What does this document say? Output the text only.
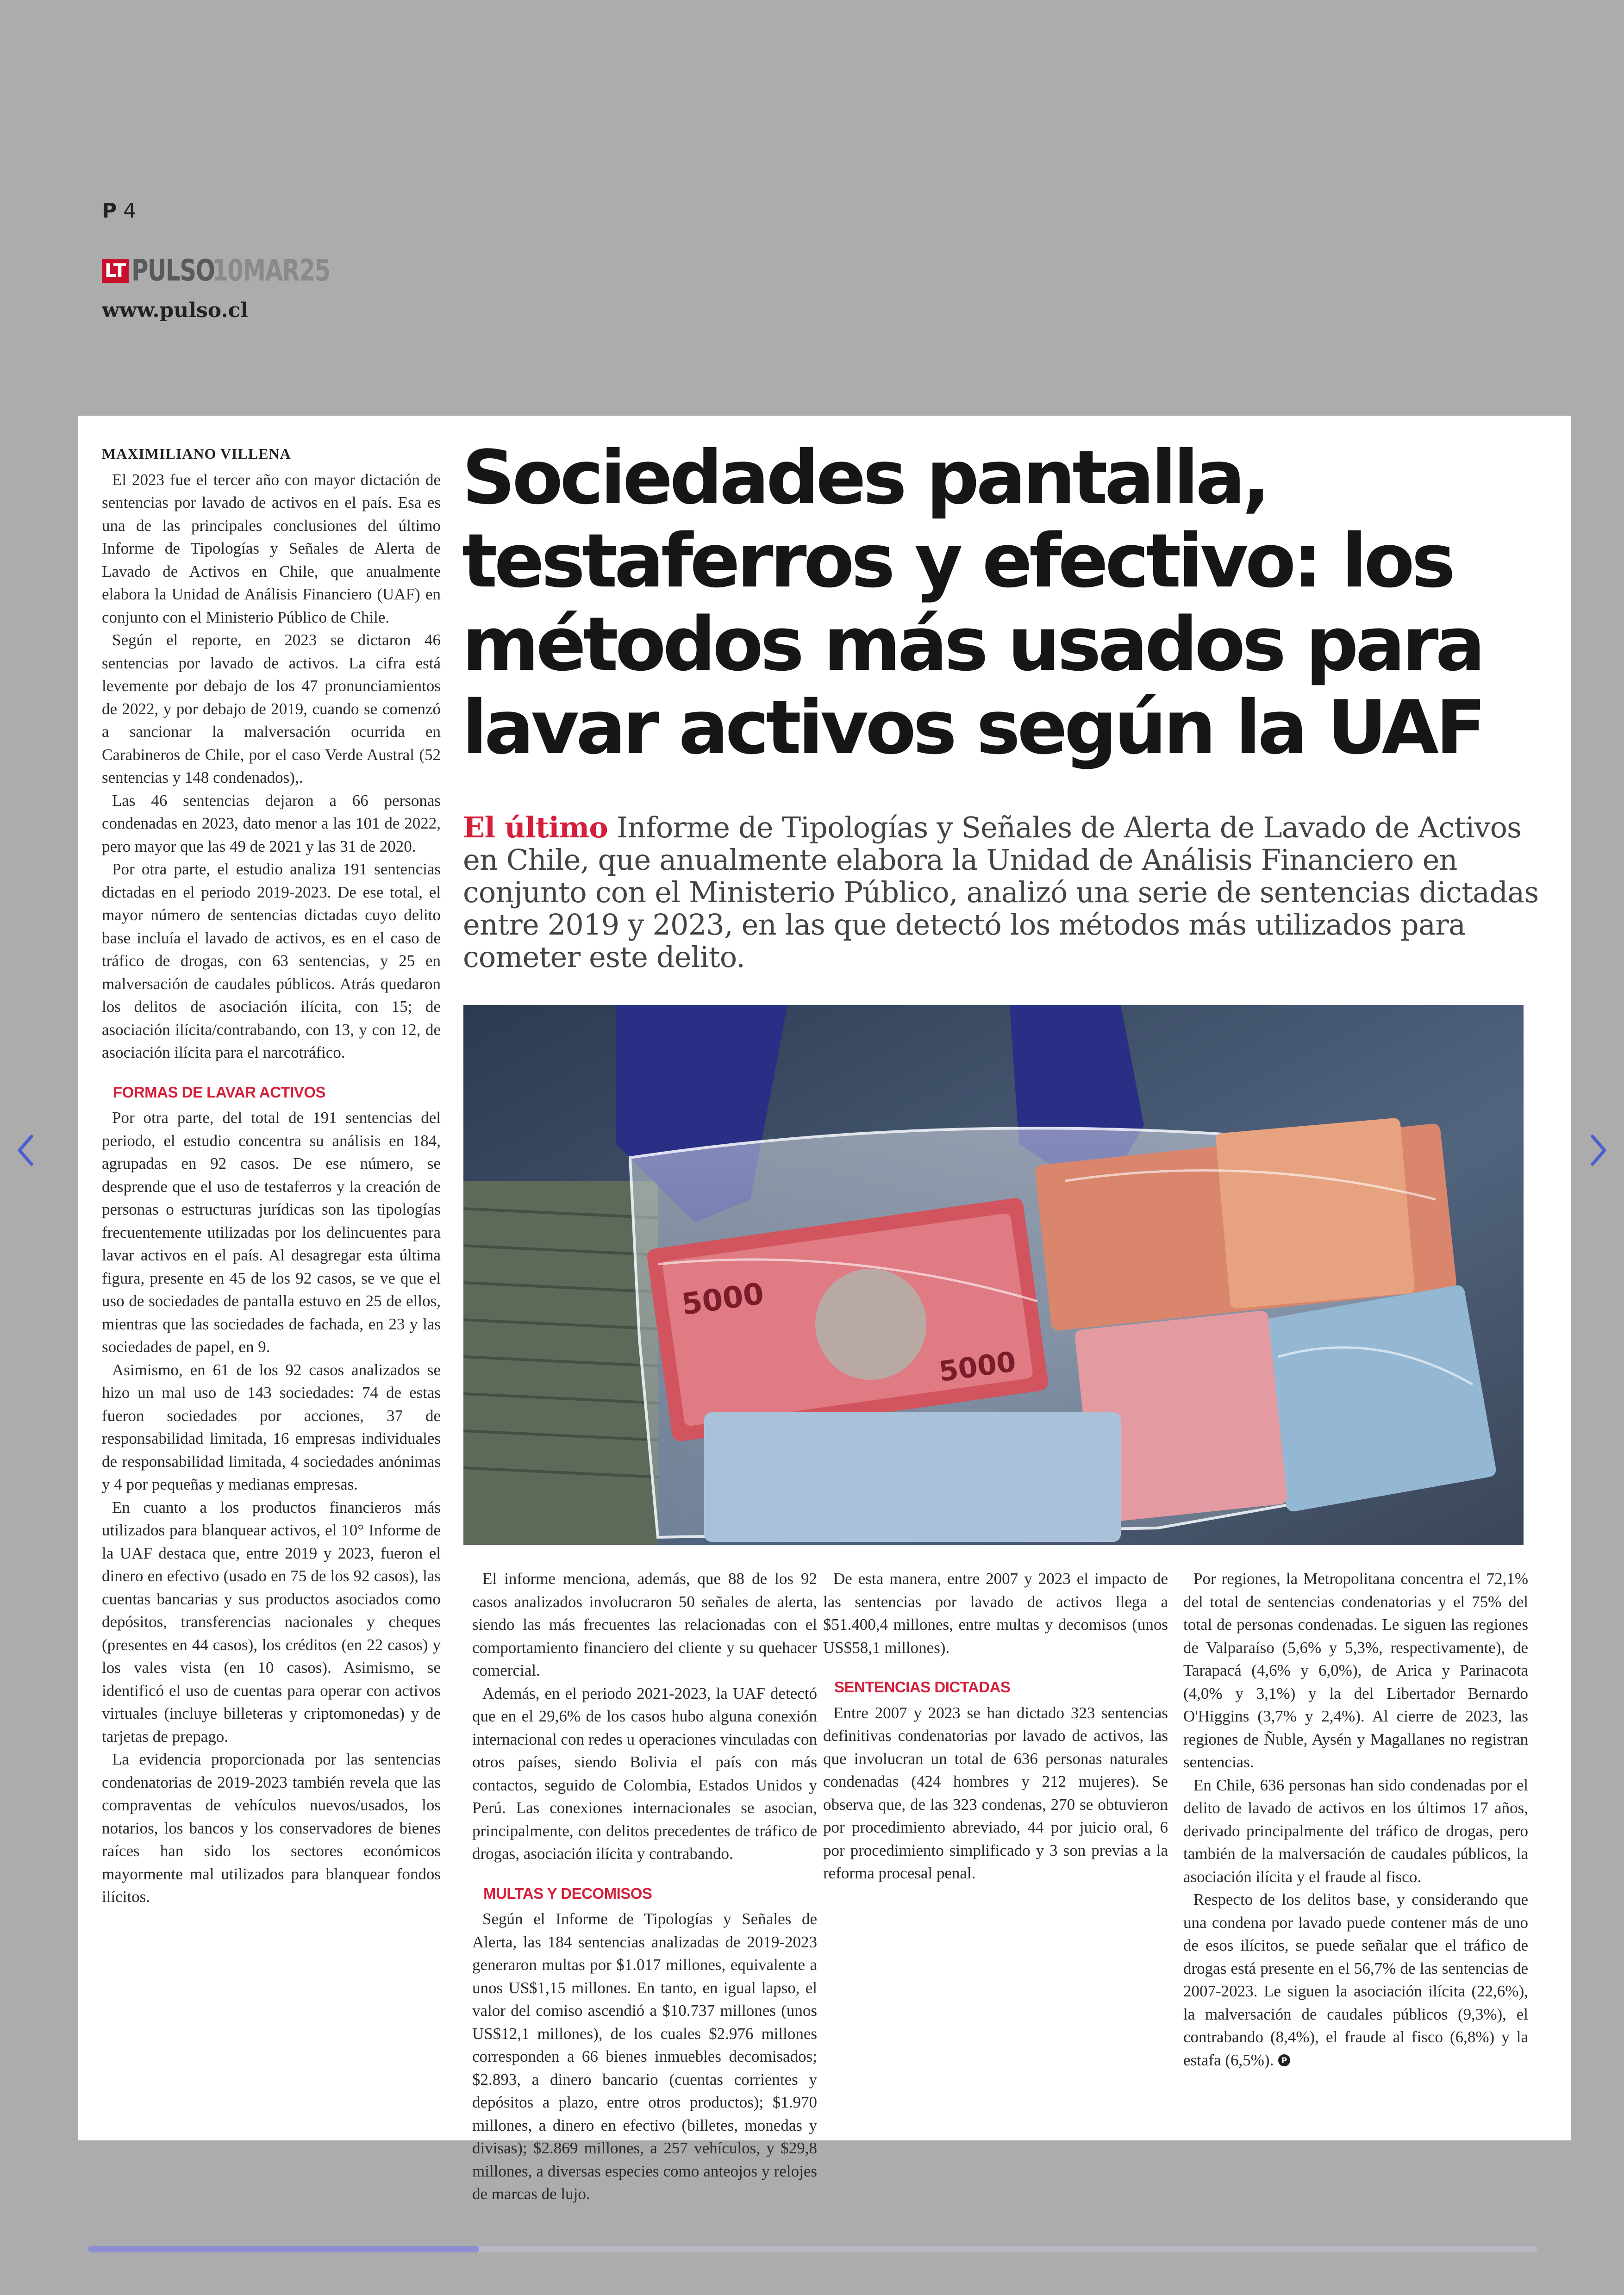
P 4
LT PULSO
10MAR25
www.pulso.cl
MAXIMILIANO VILLENA

El 2023 fue el tercer año con mayor dictación de sentencias por lavado de activos en el país. Esa es una de las principales conclusiones del último Informe de Tipologías y Señales de Alerta de Lavado de Activos en Chile, que anualmente elabora la Unidad de Análisis Financiero (UAF) en conjunto con el Ministerio Público de Chile.

Según el reporte, en 2023 se dictaron 46 sentencias por lavado de activos. La cifra está levemente por debajo de los 47 pronunciamientos de 2022, y por debajo de 2019, cuando se comenzó a sancionar la malversación ocurrida en Carabineros de Chile, por el caso Verde Austral (52 sentencias y 148 condenados),.

Las 46 sentencias dejaron a 66 personas condenadas en 2023, dato menor a las 101 de 2022, pero mayor que las 49 de 2021 y las 31 de 2020.

Por otra parte, el estudio analiza 191 sentencias dictadas en el periodo 2019-2023. De ese total, el mayor número de sentencias dictadas cuyo delito base incluía el lavado de activos, es en el caso de tráfico de drogas, con 63 sentencias, y 25 en malversación de caudales públicos. Atrás quedaron los delitos de asociación ilícita, con 15; de asociación ilícita/contrabando, con 13, y con 12, de asociación ilícita para el narcotráfico.

FORMAS DE LAVAR ACTIVOS

Por otra parte, del total de 191 sentencias del periodo, el estudio concentra su análisis en 184, agrupadas en 92 casos. De ese número, se desprende que el uso de testaferros y la creación de personas o estructuras jurídicas son las tipologías frecuentemente utilizadas por los delincuentes para lavar activos en el país. Al desagregar esta última figura, presente en 45 de los 92 casos, se ve que el uso de sociedades de pantalla estuvo en 25 de ellos, mientras que las sociedades de fachada, en 23 y las sociedades de papel, en 9.

Asimismo, en 61 de los 92 casos analizados se hizo un mal uso de 143 sociedades: 74 de estas fueron sociedades por acciones, 37 de responsabilidad limitada, 16 empresas individuales de responsabilidad limitada, 4 sociedades anónimas y 4 por pequeñas y medianas empresas.

En cuanto a los productos financieros más utilizados para blanquear activos, el 10° Informe de la UAF destaca que, entre 2019 y 2023, fueron el dinero en efectivo (usado en 75 de los 92 casos), las cuentas bancarias y sus productos asociados como depósitos, transferencias nacionales y cheques (presentes en 44 casos), los créditos (en 22 casos) y los vales vista (en 10 casos). Asimismo, se identificó el uso de cuentas para operar con activos virtuales (incluye billeteras y criptomonedas) y de tarjetas de prepago.

La evidencia proporcionada por las sentencias condenatorias de 2019-2023 también revela que las compraventas de vehículos nuevos/usados, los notarios, los bancos y los conservadores de bienes raíces han sido los sectores económicos mayormente mal utilizados para blanquear fondos ilícitos.

Sociedades pantalla, testaferros y efectivo: los métodos más usados para lavar activos según la UAF

El último Informe de Tipologías y Señales de Alerta de Lavado de Activos en Chile, que anualmente elabora la Unidad de Análisis Financiero en conjunto con el Ministerio Público, analizó una serie de sentencias dictadas entre 2019 y 2023, en las que detectó los métodos más utilizados para cometer este delito.

5000
5000

El informe menciona, además, que 88 de los 92 casos analizados involucraron 50 señales de alerta, siendo las más frecuentes las relacionadas con el comportamiento financiero del cliente y su quehacer comercial.

Además, en el periodo 2021-2023, la UAF detectó que en el 29,6% de los casos hubo alguna conexión internacional con redes u operaciones vinculadas con otros países, siendo Bolivia el país con más contactos, seguido de Colombia, Estados Unidos y Perú. Las conexiones internacionales se asocian, principalmente, con delitos precedentes de tráfico de drogas, asociación ilícita y contrabando.

MULTAS Y DECOMISOS

Según el Informe de Tipologías y Señales de Alerta, las 184 sentencias analizadas de 2019-2023 generaron multas por $1.017 millones, equivalente a unos US$1,15 millones. En tanto, en igual lapso, el valor del comiso ascendió a $10.737 millones (unos US$12,1 millones), de los cuales $2.976 millones corresponden a 66 bienes inmuebles decomisados; $2.893, a dinero bancario (cuentas corrientes y depósitos a plazo, entre otros productos); $1.970 millones, a dinero en efectivo (billetes, monedas y divisas); $2.869 millones, a 257 vehículos, y $29,8 millones, a diversas especies como anteojos y relojes de marcas de lujo.

De esta manera, entre 2007 y 2023 el impacto de las sentencias por lavado de activos llega a $51.400,4 millones, entre multas y decomisos (unos US$58,1 millones).

SENTENCIAS DICTADAS

Entre 2007 y 2023 se han dictado 323 sentencias definitivas condenatorias por lavado de activos, las que involucran un total de 636 personas naturales condenadas (424 hombres y 212 mujeres). Se observa que, de las 323 condenas, 270 se obtuvieron por procedimiento abreviado, 44 por juicio oral, 6 por procedimiento simplificado y 3 son previas a la reforma procesal penal.

Por regiones, la Metropolitana concentra el 72,1% del total de sentencias condenatorias y el 75% del total de personas condenadas. Le siguen las regiones de Valparaíso (5,6% y 5,3%, respectivamente), de Tarapacá (4,6% y 6,0%), de Arica y Parinacota (4,0% y 3,1%) y la del Libertador Bernardo O'Higgins (3,7% y 2,4%). Al cierre de 2023, las regiones de Ñuble, Aysén y Magallanes no registran sentencias.

En Chile, 636 personas han sido condenadas por el delito de lavado de activos en los últimos 17 años, derivado principalmente del tráfico de drogas, pero también de la malversación de caudales públicos, la asociación ilícita y el fraude al fisco.

Respecto de los delitos base, y considerando que una condena por lavado puede contener más de uno de esos ilícitos, se puede señalar que el tráfico de drogas está presente en el 56,7% de las sentencias de 2007-2023. Le siguen la asociación ilícita (22,6%), la malversación de caudales públicos (9,3%), el contrabando (8,4%), el fraude al fisco (6,8%) y la estafa (6,5%). P
